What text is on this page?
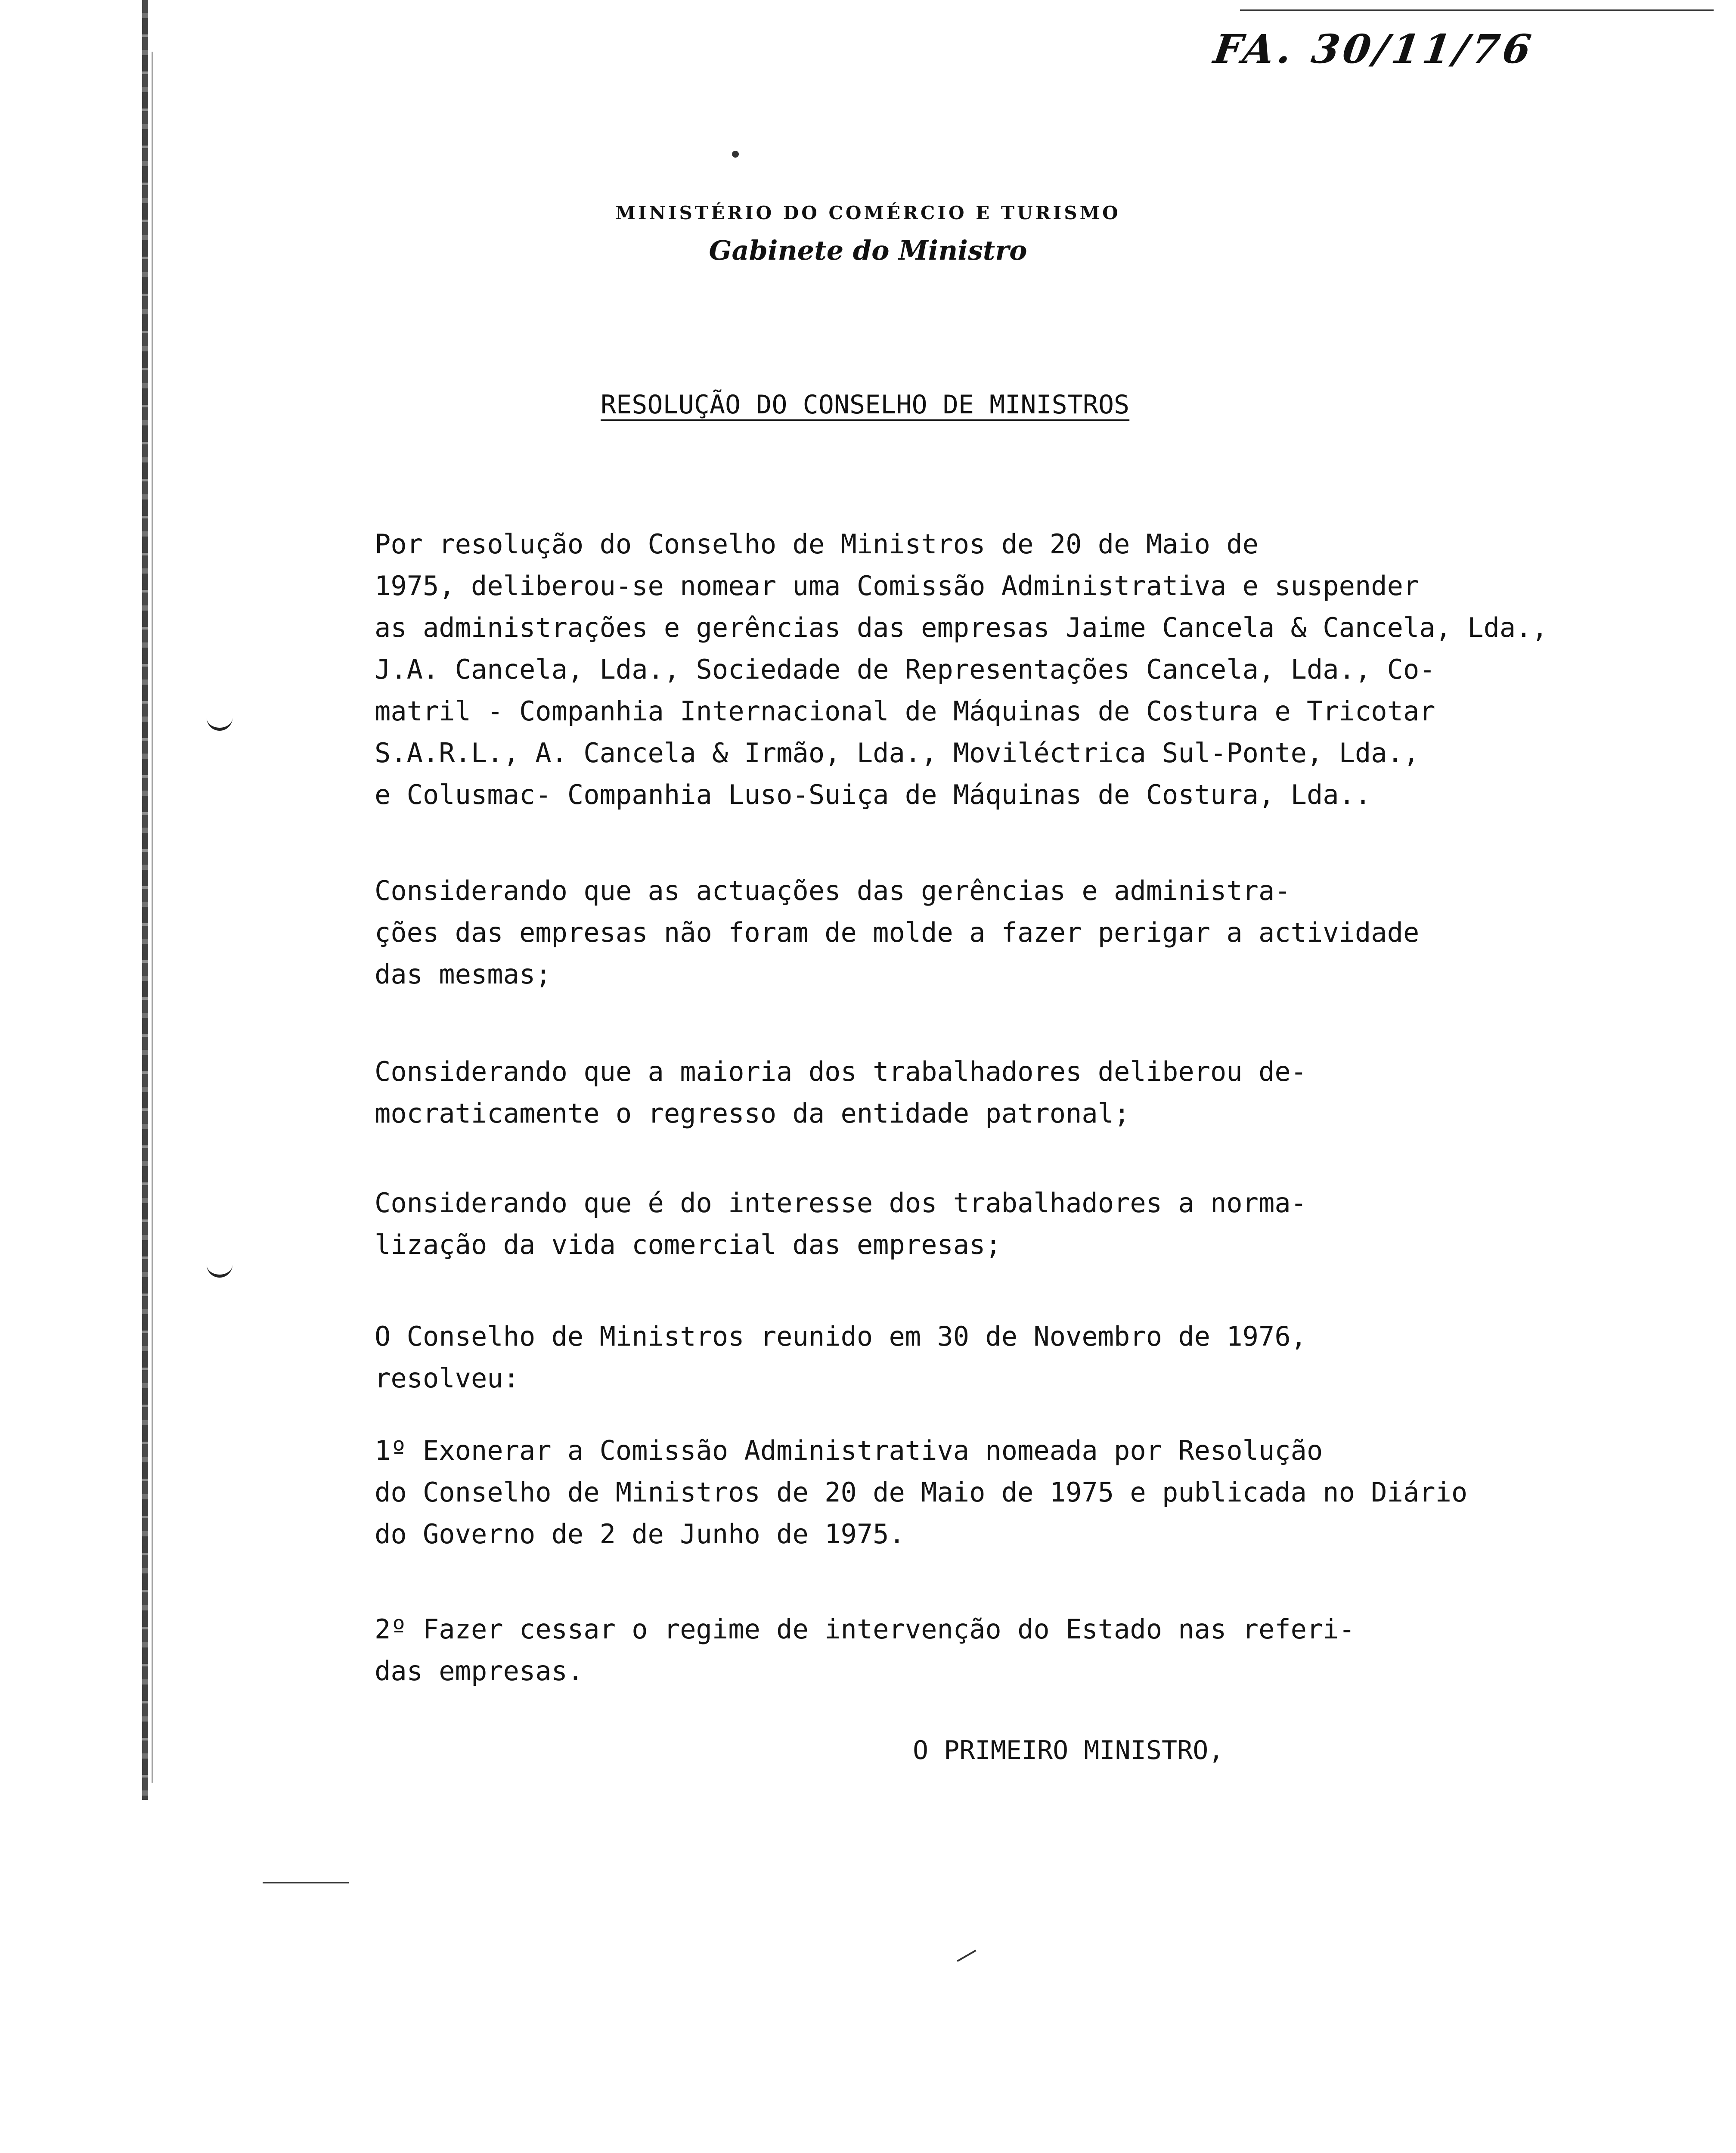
FA. 30/11/76
MINISTÉRIO DO COMÉRCIO E TURISMO
Gabinete do Ministro
RESOLUÇÃO DO CONSELHO DE MINISTROS
Por resolução do Conselho de Ministros de 20 de Maio de
1975, deliberou-se nomear uma Comissão Administrativa e suspender
as administrações e gerências das empresas Jaime Cancela & Cancela, Lda.,
J.A. Cancela, Lda., Sociedade de Representações Cancela, Lda., Co-
matril - Companhia Internacional de Máquinas de Costura e Tricotar
S.A.R.L., A. Cancela & Irmão, Lda., Moviléctrica Sul-Ponte, Lda.,
e Colusmac- Companhia Luso-Suiça de Máquinas de Costura, Lda..
Considerando que as actuações das gerências e administra-
ções das empresas não foram de molde a fazer perigar a actividade
das mesmas;
Considerando que a maioria dos trabalhadores deliberou de-
mocraticamente o regresso da entidade patronal;
Considerando que é do interesse dos trabalhadores a norma-
lização da vida comercial das empresas;
O Conselho de Ministros reunido em 30 de Novembro de 1976,
resolveu:
1º Exonerar a Comissão Administrativa nomeada por Resolução
do Conselho de Ministros de 20 de Maio de 1975 e publicada no Diário
do Governo de 2 de Junho de 1975.
2º Fazer cessar o regime de intervenção do Estado nas referi-
das empresas.
O PRIMEIRO MINISTRO,
